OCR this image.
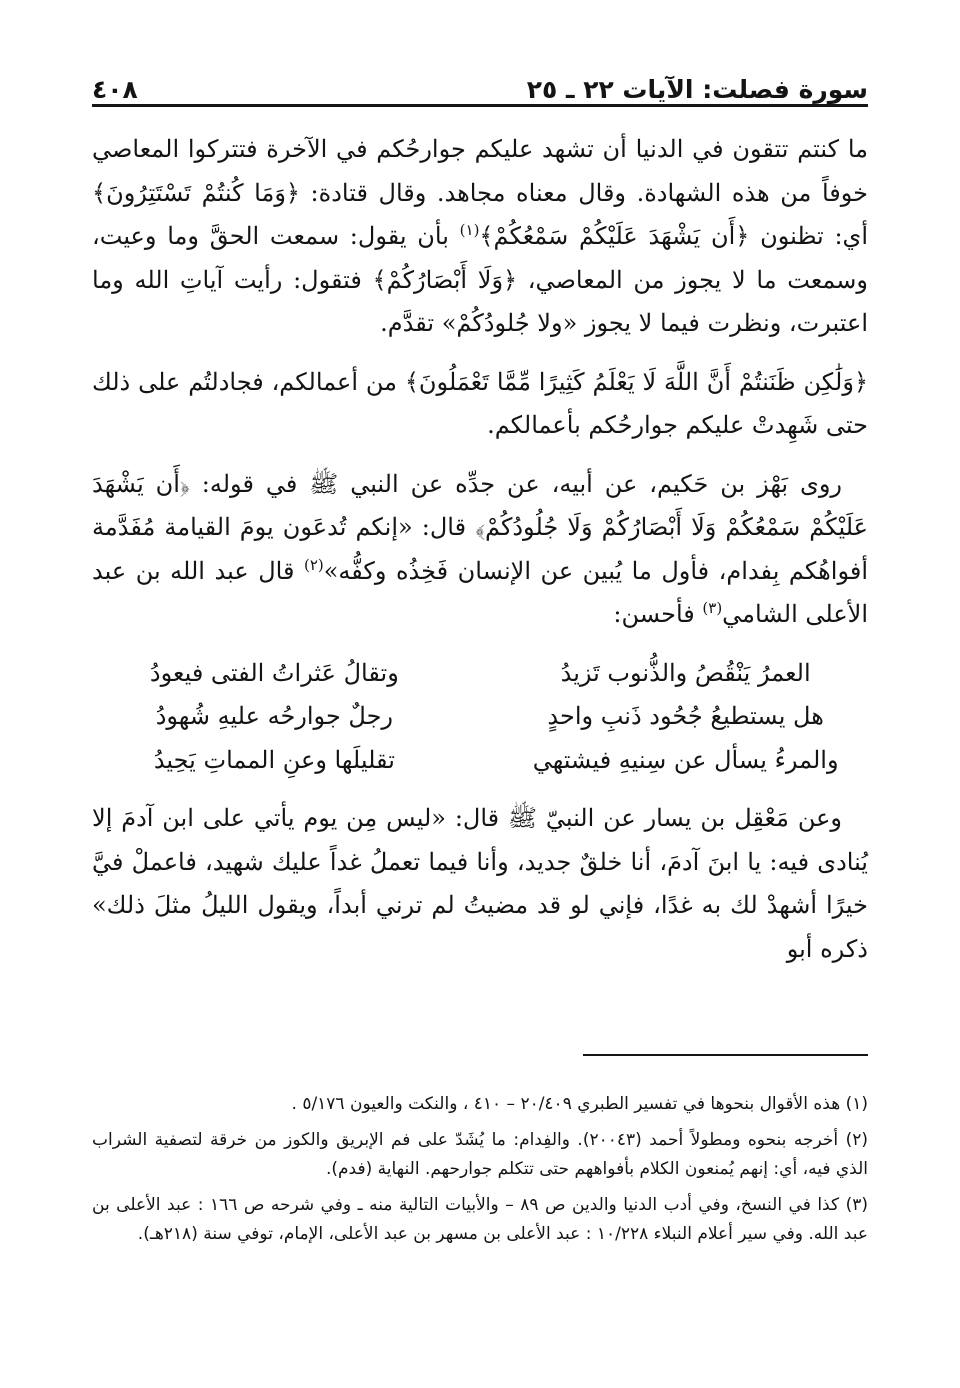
سورة فصلت: الآيات ٢٢ ـ ٢٥
٤٠٨

ما كنتم تتقون في الدنيا أن تشهد عليكم جوارحُكم في الآخرة فتتركوا المعاصي خوفاً من هذه الشهادة. وقال معناه مجاهد. وقال قتادة: ﴿وَمَا كُنتُمْ تَسْتَتِرُونَ﴾ أي: تظنون ﴿أَن يَشْهَدَ عَلَيْكُمْ سَمْعُكُمْ﴾$^{(١)}$ بأن يقول: سمعت الحقَّ وما وعيت، وسمعت ما لا يجوز من المعاصي، ﴿وَلَا أَبْصَارُكُمْ﴾ فتقول: رأيت آياتِ الله وما اعتبرت، ونظرت فيما لا يجوز «ولا جُلودُكُمْ» تقدَّم.

﴿وَلَٰكِن ظَنَنتُمْ أَنَّ اللَّهَ لَا يَعْلَمُ كَثِيرًا مِّمَّا تَعْمَلُونَ﴾ من أعمالكم، فجادلتُم على ذلك حتى شَهِدتْ عليكم جوارحُكم بأعمالكم.

روى بَهْز بن حَكيم، عن أبيه، عن جدِّه عن النبي ﷺ في قوله: ﴿أَن يَشْهَدَ عَلَيْكُمْ سَمْعُكُمْ وَلَا أَبْصَارُكُمْ وَلَا جُلُودُكُمْ﴾ قال: «إنكم تُدعَون يومَ القيامة مُفَدَّمة أفواهُكم بِفدام، فأول ما يُبين عن الإنسان فَخِذُه وكفُّه»$^{(٢)}$ قال عبد الله بن عبد الأعلى الشامي$^{(٣)}$ فأحسن:

العمرُ يَنْقُصُ والذُّنوب تَزيدُ
وتقالُ عَثراتُ الفتى فيعودُ
هل يستطيعُ جُحُود ذَنبِ واحدٍ
رجلٌ جوارحُه عليهِ شُهودُ
والمرءُ يسأل عن سِنيهِ فيشتهي
تقليلَها وعنِ المماتِ يَحِيدُ

وعن مَعْقِل بن يسار عن النبيّ ﷺ قال: «ليس مِن يوم يأتي على ابن آدمَ إلا يُنادى فيه: يا ابنَ آدمَ، أنا خلقٌ جديد، وأنا فيما تعملُ غداً عليك شهيد، فاعملْ فيَّ خيرًا أشهدْ لك به غدًا، فإني لو قد مضيتُ لم ترني أبداً، ويقول الليلُ مثلَ ذلك» ذكره أبو

(١) هذه الأقوال بنحوها في تفسير الطبري ٢٠/٤٠٩ – ٤١٠ ، والنكت والعيون ٥/١٧٦ .
(٢) أخرجه بنحوه ومطولاً أحمد (٢٠٠٤٣). والفِدام: ما يُشَدّ على فم الإبريق والكوز من خرقة لتصفية الشراب الذي فيه، أي: إنهم يُمنعون الكلام بأفواههم حتى تتكلم جوارحهم. النهاية (فدم).
(٣) كذا في النسخ، وفي أدب الدنيا والدين ص ٨٩ – والأبيات التالية منه ـ وفي شرحه ص ١٦٦ : عبد الأعلى بن عبد الله. وفي سير أعلام النبلاء ١٠/٢٢٨ : عبد الأعلى بن مسهر بن عبد الأعلى، الإمام، توفي سنة (٢١٨هـ).
